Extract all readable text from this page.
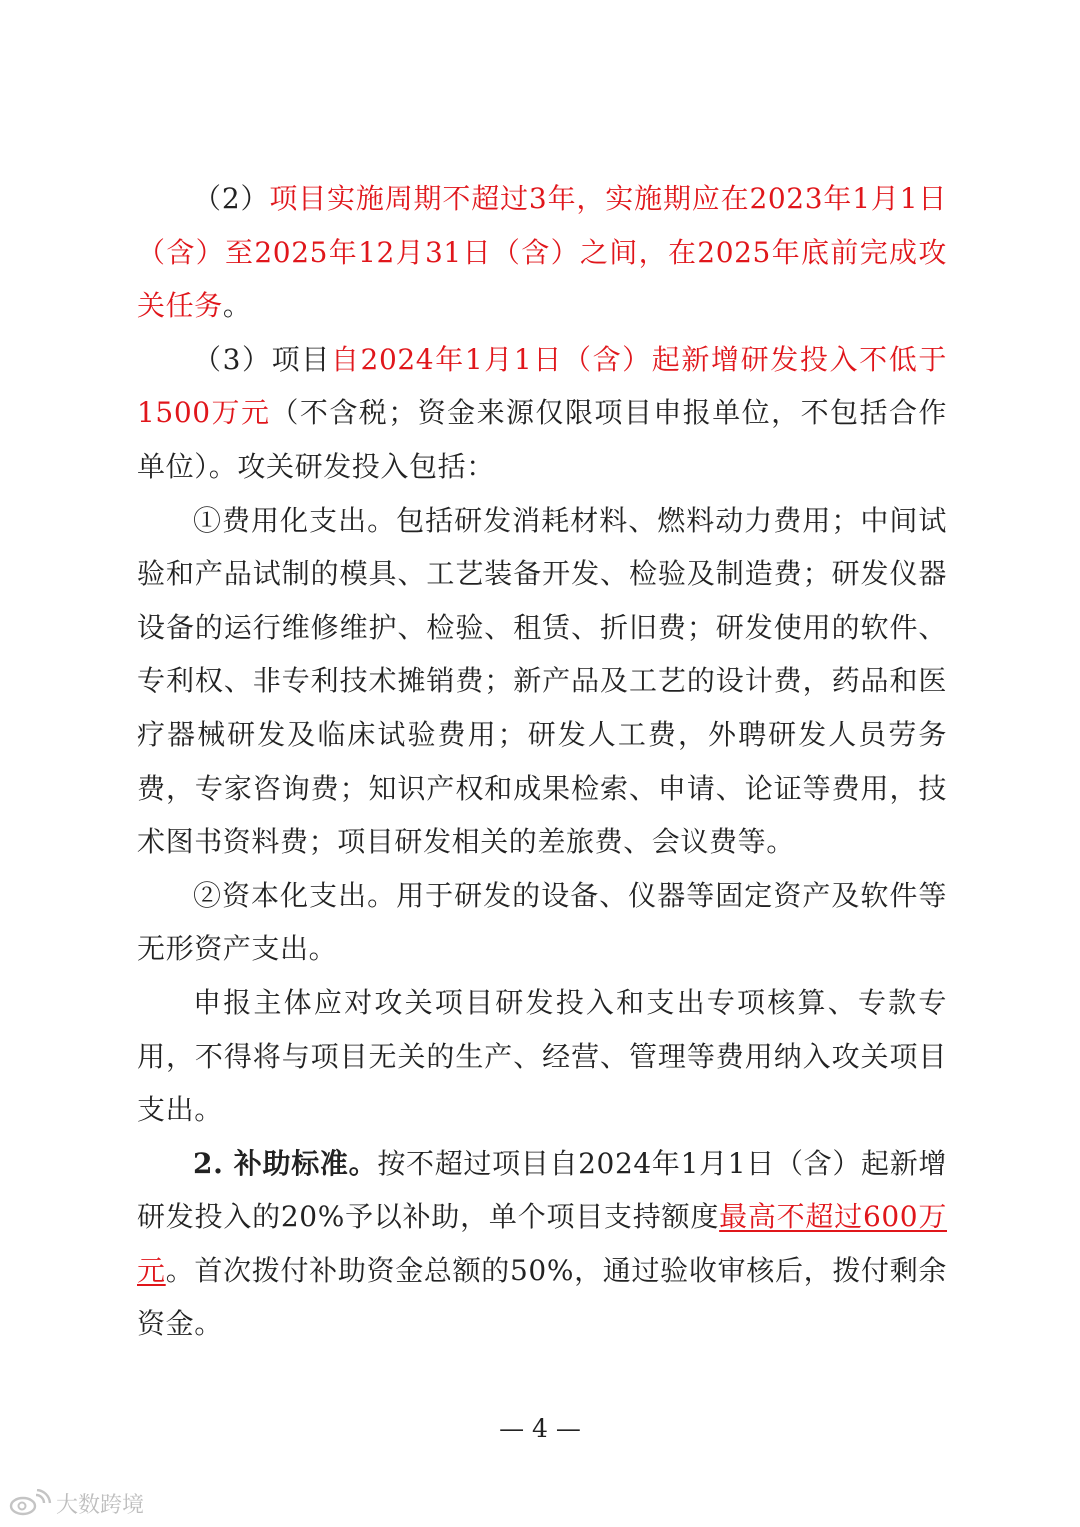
（2）项目实施周期不超过3年，实施期应在2023年1月1日（含）至2025年12月31日（含）之间，在2025年底前完成攻关任务。

（3）项目自2024年1月1日（含）起新增研发投入不低于1500万元（不含税；资金来源仅限项目申报单位，不包括合作单位）。攻关研发投入包括：

①费用化支出。包括研发消耗材料、燃料动力费用；中间试验和产品试制的模具、工艺装备开发、检验及制造费；研发仪器设备的运行维修维护、检验、租赁、折旧费；研发使用的软件、专利权、非专利技术摊销费；新产品及工艺的设计费，药品和医疗器械研发及临床试验费用；研发人工费，外聘研发人员劳务费，专家咨询费；知识产权和成果检索、申请、论证等费用，技术图书资料费；项目研发相关的差旅费、会议费等。

②资本化支出。用于研发的设备、仪器等固定资产及软件等无形资产支出。

申报主体应对攻关项目研发投入和支出专项核算、专款专用，不得将与项目无关的生产、经营、管理等费用纳入攻关项目支出。

2. 补助标准。按不超过项目自2024年1月1日（含）起新增研发投入的20%予以补助，单个项目支持额度最高不超过600万元。首次拨付补助资金总额的50%，通过验收审核后，拨付剩余资金。

— 4 —
大数跨境
